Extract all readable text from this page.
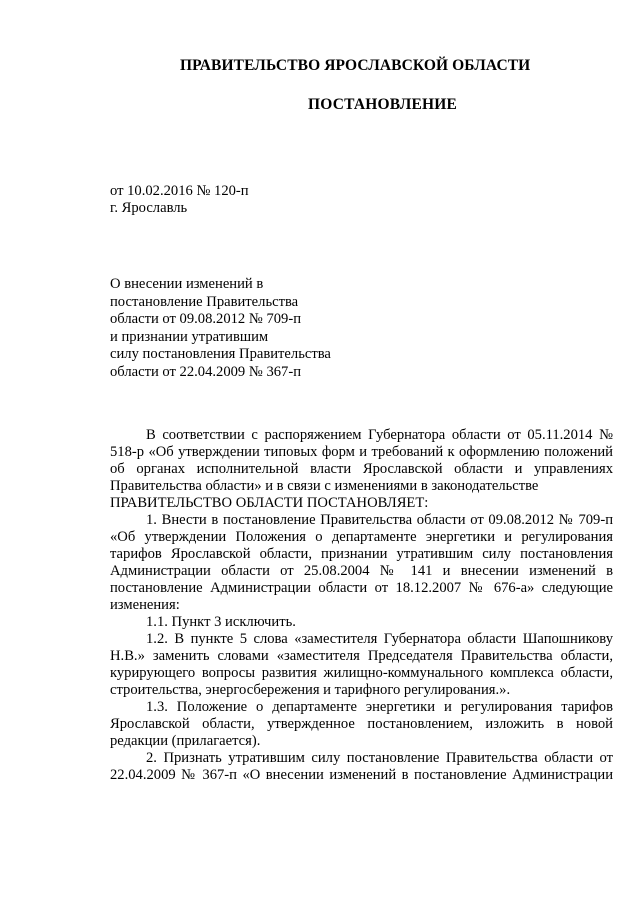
ПРАВИТЕЛЬСТВО ЯРОСЛАВСКОЙ ОБЛАСТИ
ПОСТАНОВЛЕНИЕ
от 10.02.2016 № 120-п
г. Ярославль
О внесении изменений в
постановление Правительства
области от 09.08.2012 № 709-п
и признании утратившим
силу постановления Правительства
области от 22.04.2009 № 367-п

В соответствии с распоряжением Губернатора области от 05.11.2014 № 518-р «Об утверждении типовых форм и требований к оформлению положений об органах исполнительной власти Ярославской области и управлениях Правительства области» и в связи с изменениями в законодательстве

ПРАВИТЕЛЬСТВО ОБЛАСТИ ПОСТАНОВЛЯЕТ:

1. Внести в постановление Правительства области от 09.08.2012 № 709-п «Об утверждении Положения о департаменте энергетики и регулирования тарифов Ярославской области, признании утратившим силу постановления Администрации области от 25.08.2004 № 141 и внесении изменений в постановление Администрации области от 18.12.2007 № 676-а» следующие изменения:

1.1. Пункт 3 исключить.

1.2. В пункте 5 слова «заместителя Губернатора области Шапошникову Н.В.» заменить словами «заместителя Председателя Правительства области, курирующего вопросы развития жилищно-коммунального комплекса области, строительства, энергосбережения и тарифного регулирования.».

1.3. Положение о департаменте энергетики и регулирования тарифов Ярославской области, утвержденное постановлением, изложить в новой редакции (прилагается).

2. Признать утратившим силу постановление Правительства области от 22.04.2009 № 367-п «О внесении изменений в постановление Администрации
